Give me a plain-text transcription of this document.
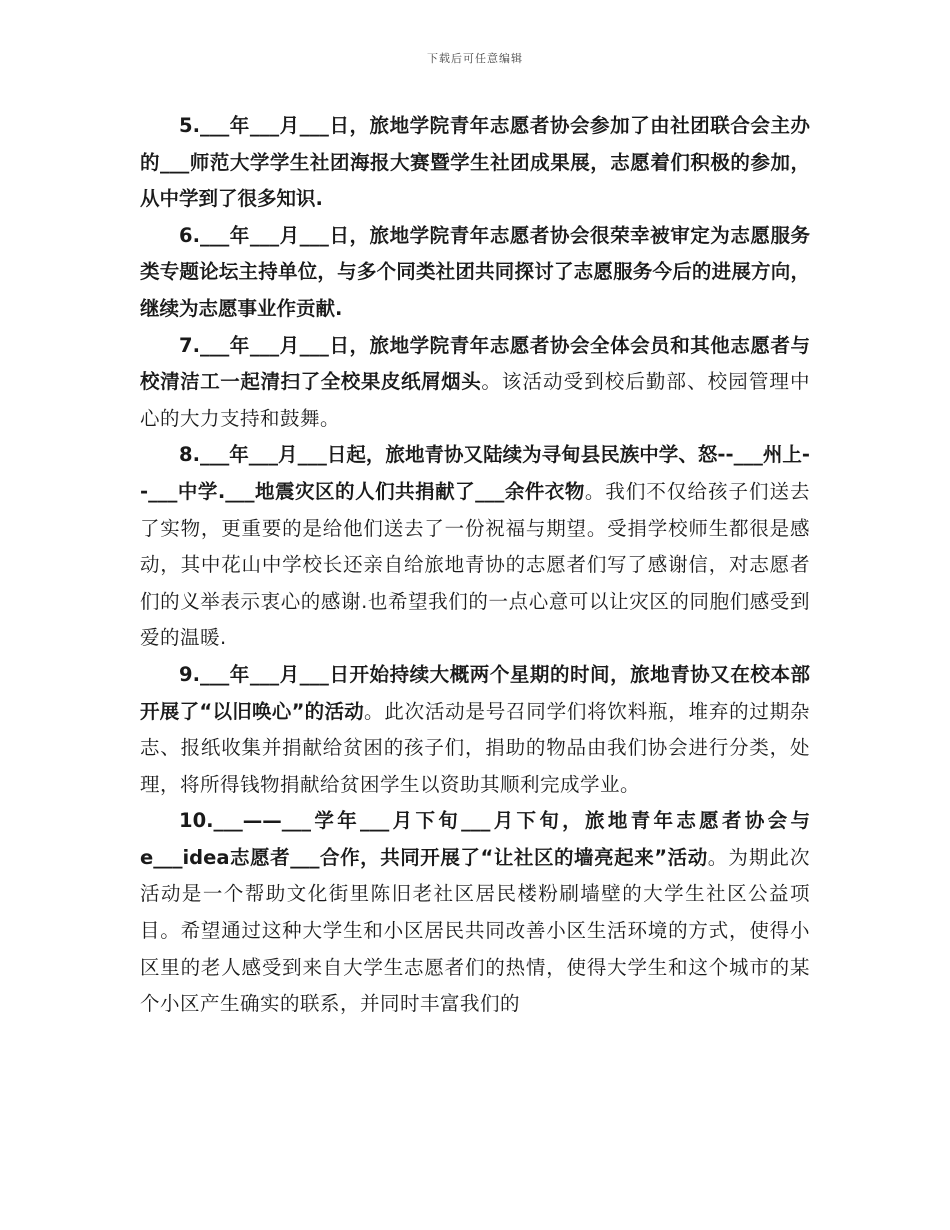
下载后可任意编辑

5.___年___月___日，旅地学院青年志愿者协会参加了由社团联合会主办的___师范大学学生社团海报大赛暨学生社团成果展，志愿着们积极的参加，从中学到了很多知识.

6.___年___月___日，旅地学院青年志愿者协会很荣幸被审定为志愿服务类专题论坛主持单位，与多个同类社团共同探讨了志愿服务今后的进展方向，继续为志愿事业作贡献.

7.___年___月___日，旅地学院青年志愿者协会全体会员和其他志愿者与校清洁工一起清扫了全校果皮纸屑烟头。该活动受到校后勤部、校园管理中心的大力支持和鼓舞。

8.___年___月___日起，旅地青协又陆续为寻甸县民族中学、怒--___州上--___中学.___地震灾区的人们共捐献了___余件衣物。我们不仅给孩子们送去了实物，更重要的是给他们送去了一份祝福与期望。受捐学校师生都很是感动，其中花山中学校长还亲自给旅地青协的志愿者们写了感谢信，对志愿者们的义举表示衷心的感谢.也希望我们的一点心意可以让灾区的同胞们感受到爱的温暖.

9.___年___月___日开始持续大概两个星期的时间，旅地青协又在校本部开展了“以旧唤心”的活动。此次活动是号召同学们将饮料瓶，堆弃的过期杂志、报纸收集并捐献给贫困的孩子们，捐助的物品由我们协会进行分类，处理，将所得钱物捐献给贫困学生以资助其顺利完成学业。

10.___——___学年___月下旬___月下旬，旅地青年志愿者协会与e___idea志愿者___合作，共同开展了“让社区的墙亮起来”活动。为期此次活动是一个帮助文化街里陈旧老社区居民楼粉刷墙壁的大学生社区公益项目。希望通过这种大学生和小区居民共同改善小区生活环境的方式，使得小区里的老人感受到来自大学生志愿者们的热情，使得大学生和这个城市的某个小区产生确实的联系，并同时丰富我们的
